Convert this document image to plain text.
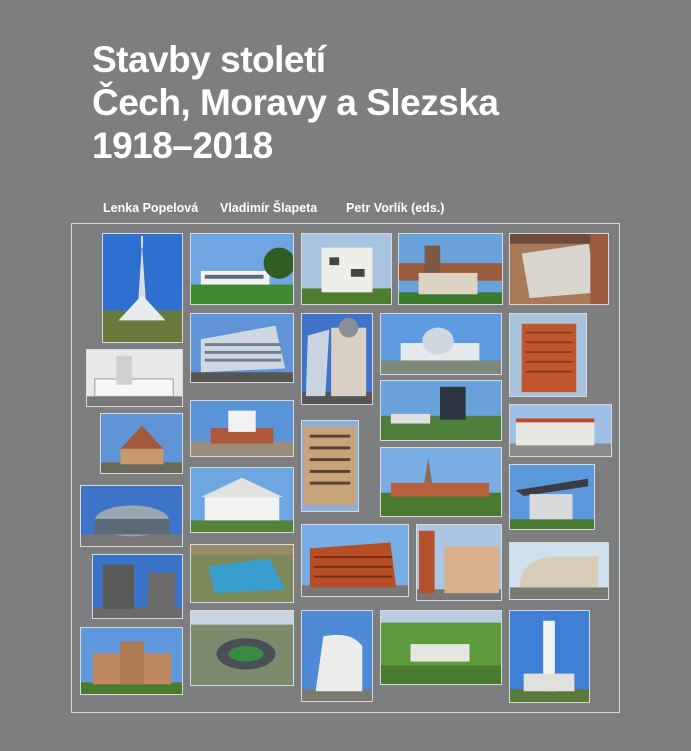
Stavby století
Čech, Moravy a Slezska
1918–2018
Lenka Popelová Vladimír Šlapeta Petr Vorlík (eds.)
